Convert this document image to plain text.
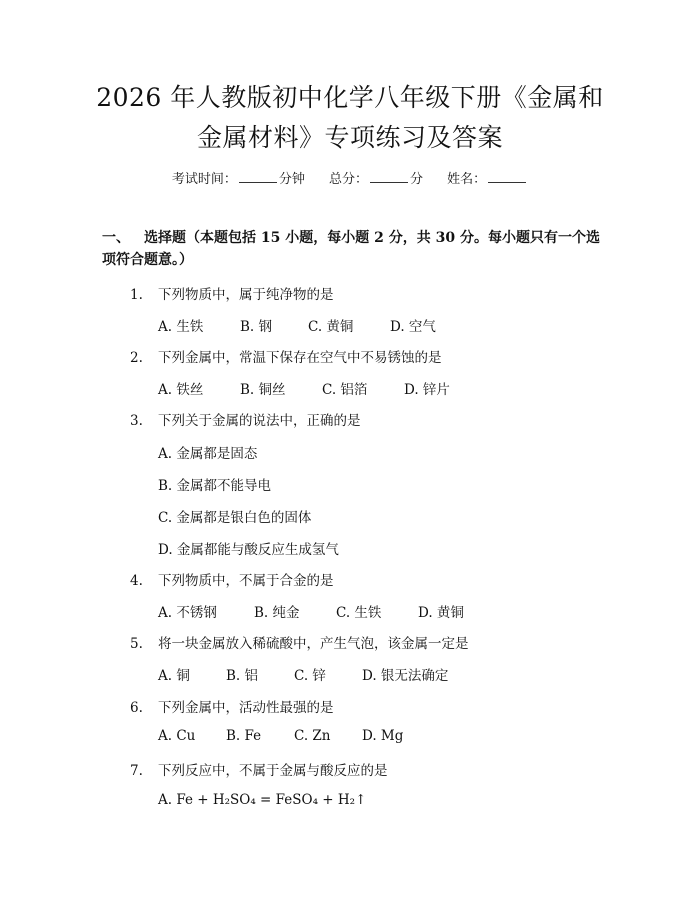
2026 年人教版初中化学八年级下册《金属和
金属材料》专项练习及答案
考试时间：	分钟 总分：	分 姓名：
一、 选择题（本题包括 15 小题，每小题 2 分，共 30 分。每小题只有一个选项符合题意。）
1. 下列物质中，属于纯净物的是
A. 生铁	B. 钢	C. 黄铜	D. 空气
2. 下列金属中，常温下保存在空气中不易锈蚀的是
A. 铁丝	B. 铜丝	C. 铝箔	D. 锌片
3. 下列关于金属的说法中，正确的是
A. 金属都是固态
B. 金属都不能导电
C. 金属都是银白色的固体
D. 金属都能与酸反应生成氢气
4. 下列物质中，不属于合金的是
A. 不锈钢	B. 纯金	C. 生铁	D. 黄铜
5. 将一块金属放入稀硫酸中，产生气泡，该金属一定是
A. 铜	B. 铝	C. 锌	D. 银无法确定
6. 下列金属中，活动性最强的是
A. Cu B. Fe C. Zn D. Mg
7. 下列反应中，不属于金属与酸反应的是
A. Fe + H₂SO₄ = FeSO₄ + H₂↑
